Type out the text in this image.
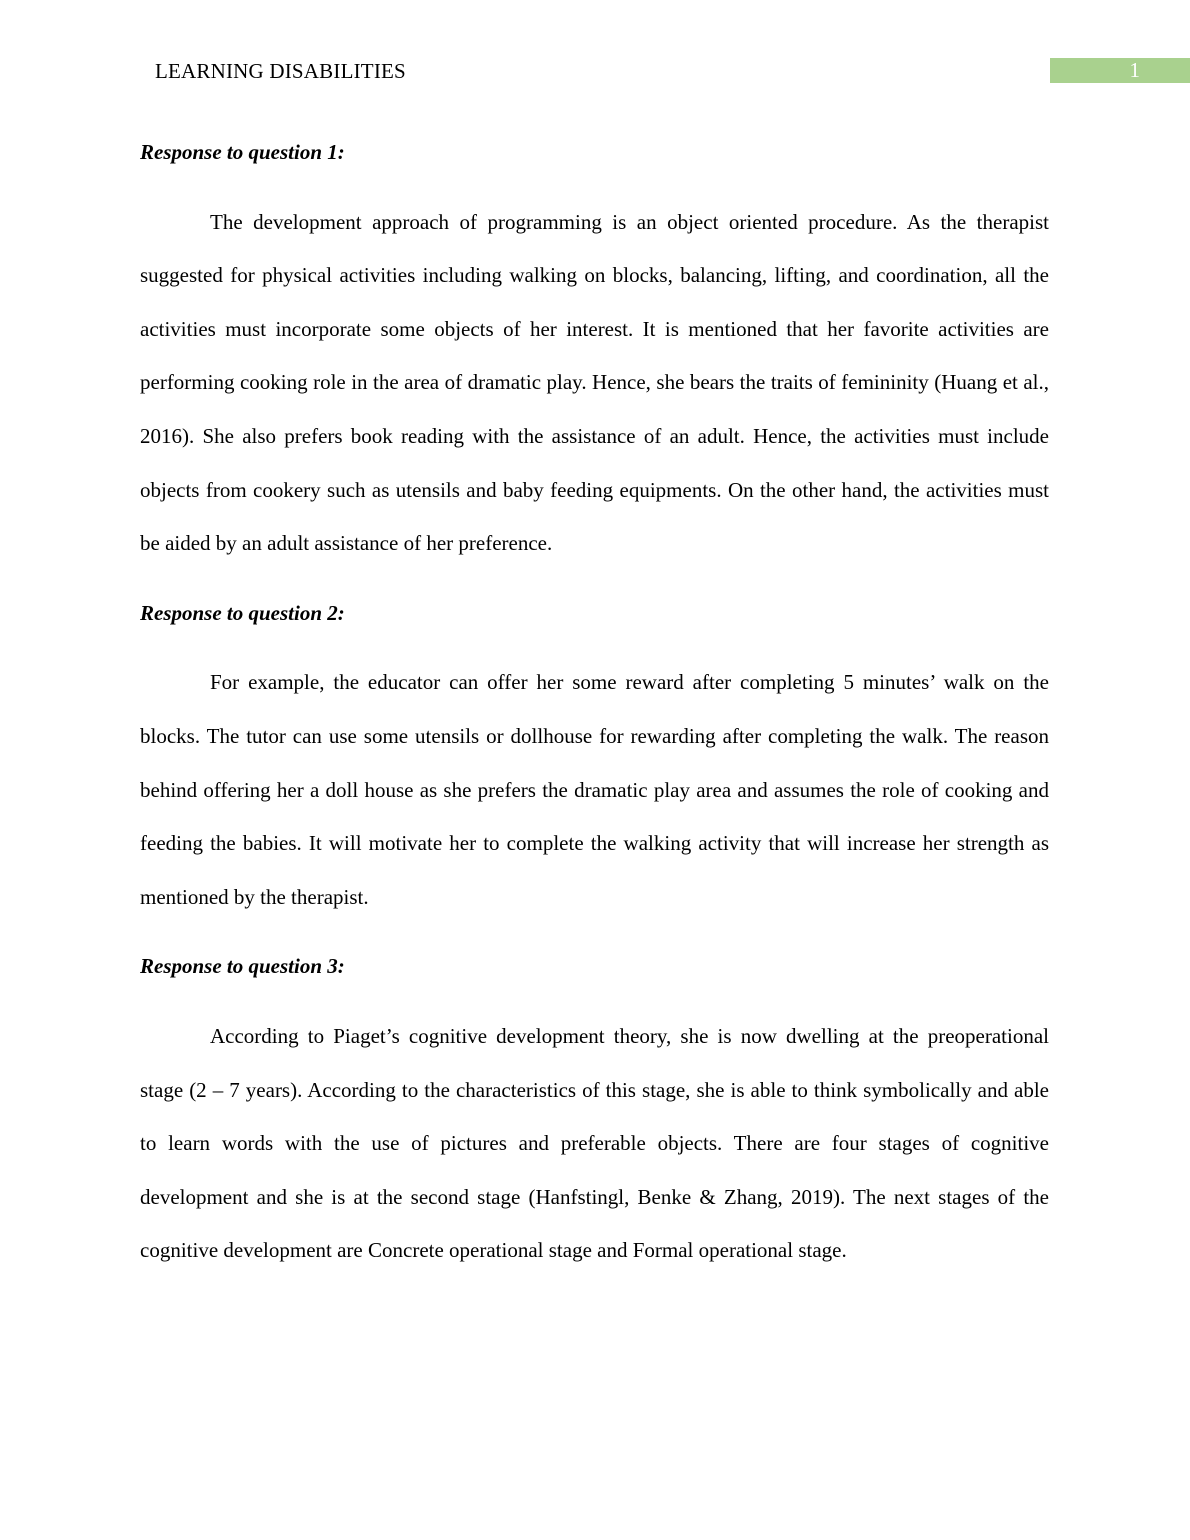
LEARNING DISABILITIES	1

Response to question 1:

The development approach of programming is an object oriented procedure. As the therapist suggested for physical activities including walking on blocks, balancing, lifting, and coordination, all the activities must incorporate some objects of her interest. It is mentioned that her favorite activities are performing cooking role in the area of dramatic play. Hence, she bears the traits of femininity (Huang et al., 2016). She also prefers book reading with the assistance of an adult. Hence, the activities must include objects from cookery such as utensils and baby feeding equipments. On the other hand, the activities must be aided by an adult assistance of her preference.

Response to question 2:

For example, the educator can offer her some reward after completing 5 minutes’ walk on the blocks. The tutor can use some utensils or dollhouse for rewarding after completing the walk. The reason behind offering her a doll house as she prefers the dramatic play area and assumes the role of cooking and feeding the babies. It will motivate her to complete the walking activity that will increase her strength as mentioned by the therapist.

Response to question 3:

According to Piaget’s cognitive development theory, she is now dwelling at the preoperational stage (2 – 7 years). According to the characteristics of this stage, she is able to think symbolically and able to learn words with the use of pictures and preferable objects. There are four stages of cognitive development and she is at the second stage (Hanfstingl, Benke & Zhang, 2019). The next stages of the cognitive development are Concrete operational stage and Formal operational stage.
